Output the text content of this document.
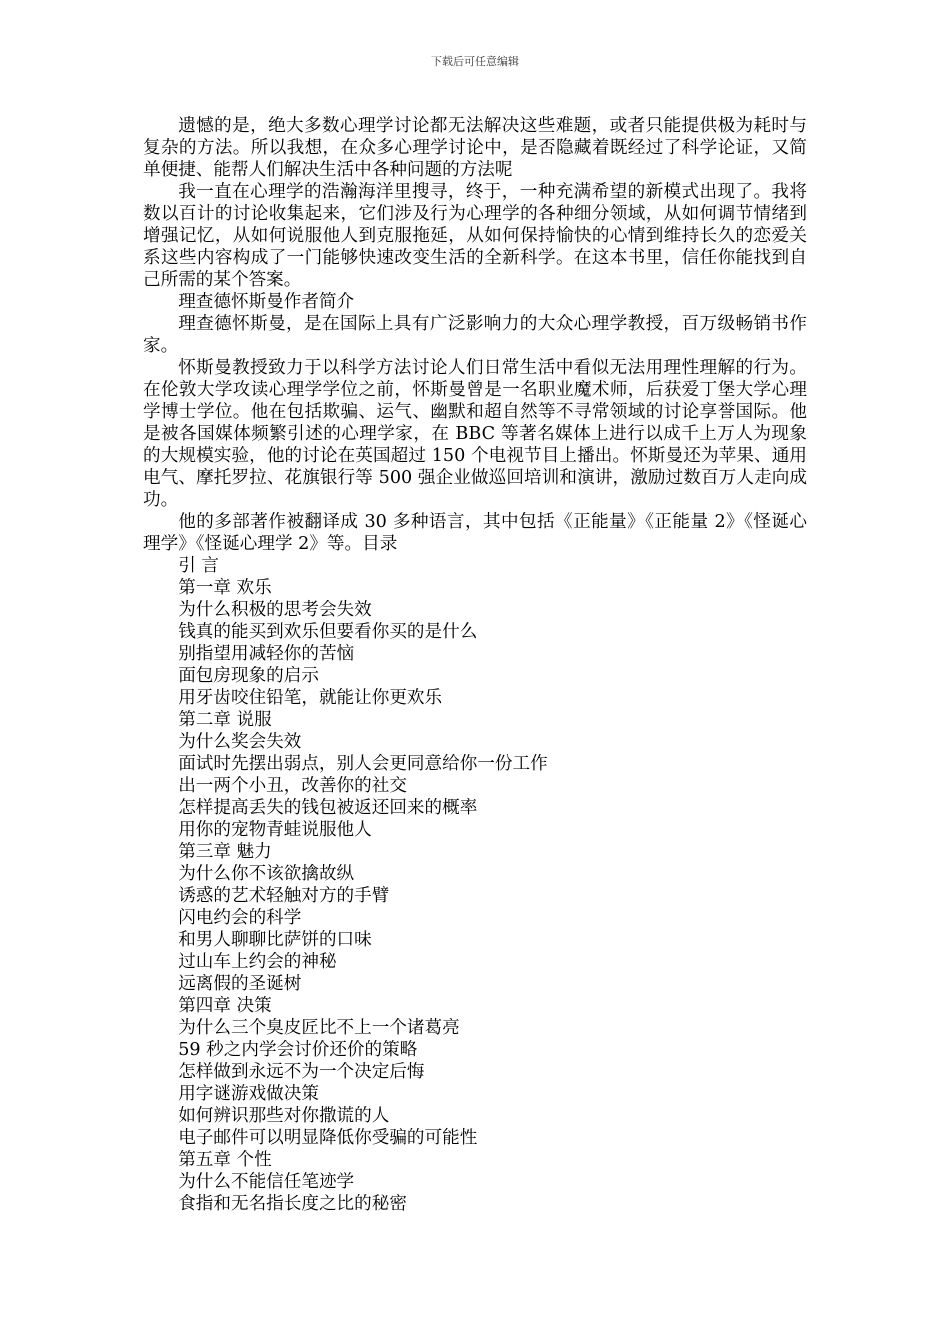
下载后可任意编辑

遗憾的是，绝大多数心理学讨论都无法解决这些难题，或者只能提供极为耗时与复杂的方法。所以我想，在众多心理学讨论中，是否隐藏着既经过了科学论证，又简单便捷、能帮人们解决生活中各种问题的方法呢

我一直在心理学的浩瀚海洋里搜寻，终于，一种充满希望的新模式出现了。我将数以百计的讨论收集起来，它们涉及行为心理学的各种细分领域，从如何调节情绪到增强记忆，从如何说服他人到克服拖延，从如何保持愉快的心情到维持长久的恋爱关系这些内容构成了一门能够快速改变生活的全新科学。在这本书里，信任你能找到自己所需的某个答案。

理查德怀斯曼作者简介

理查德怀斯曼，是在国际上具有广泛影响力的大众心理学教授，百万级畅销书作家。

怀斯曼教授致力于以科学方法讨论人们日常生活中看似无法用理性理解的行为。在伦敦大学攻读心理学学位之前，怀斯曼曾是一名职业魔术师，后获爱丁堡大学心理学博士学位。他在包括欺骗、运气、幽默和超自然等不寻常领域的讨论享誉国际。他是被各国媒体频繁引述的心理学家，在 BBC 等著名媒体上进行以成千上万人为现象的大规模实验，他的讨论在英国超过 150 个电视节目上播出。怀斯曼还为苹果、通用电气、摩托罗拉、花旗银行等 500 强企业做巡回培训和演讲，激励过数百万人走向成功。

他的多部著作被翻译成 30 多种语言，其中包括《正能量》《正能量 2》《怪诞心理学》《怪诞心理学 2》等。目录

引 言

第一章 欢乐

为什么积极的思考会失效

钱真的能买到欢乐但要看你买的是什么

别指望用减轻你的苦恼

面包房现象的启示

用牙齿咬住铅笔，就能让你更欢乐

第二章 说服

为什么奖会失效

面试时先摆出弱点，别人会更同意给你一份工作

出一两个小丑，改善你的社交

怎样提高丢失的钱包被返还回来的概率

用你的宠物青蛙说服他人

第三章 魅力

为什么你不该欲擒故纵

诱惑的艺术轻触对方的手臂

闪电约会的科学

和男人聊聊比萨饼的口味

过山车上约会的神秘

远离假的圣诞树

第四章 决策

为什么三个臭皮匠比不上一个诸葛亮

59 秒之内学会讨价还价的策略

怎样做到永远不为一个决定后悔

用字谜游戏做决策

如何辨识那些对你撒谎的人

电子邮件可以明显降低你受骗的可能性

第五章 个性

为什么不能信任笔迹学

食指和无名指长度之比的秘密
